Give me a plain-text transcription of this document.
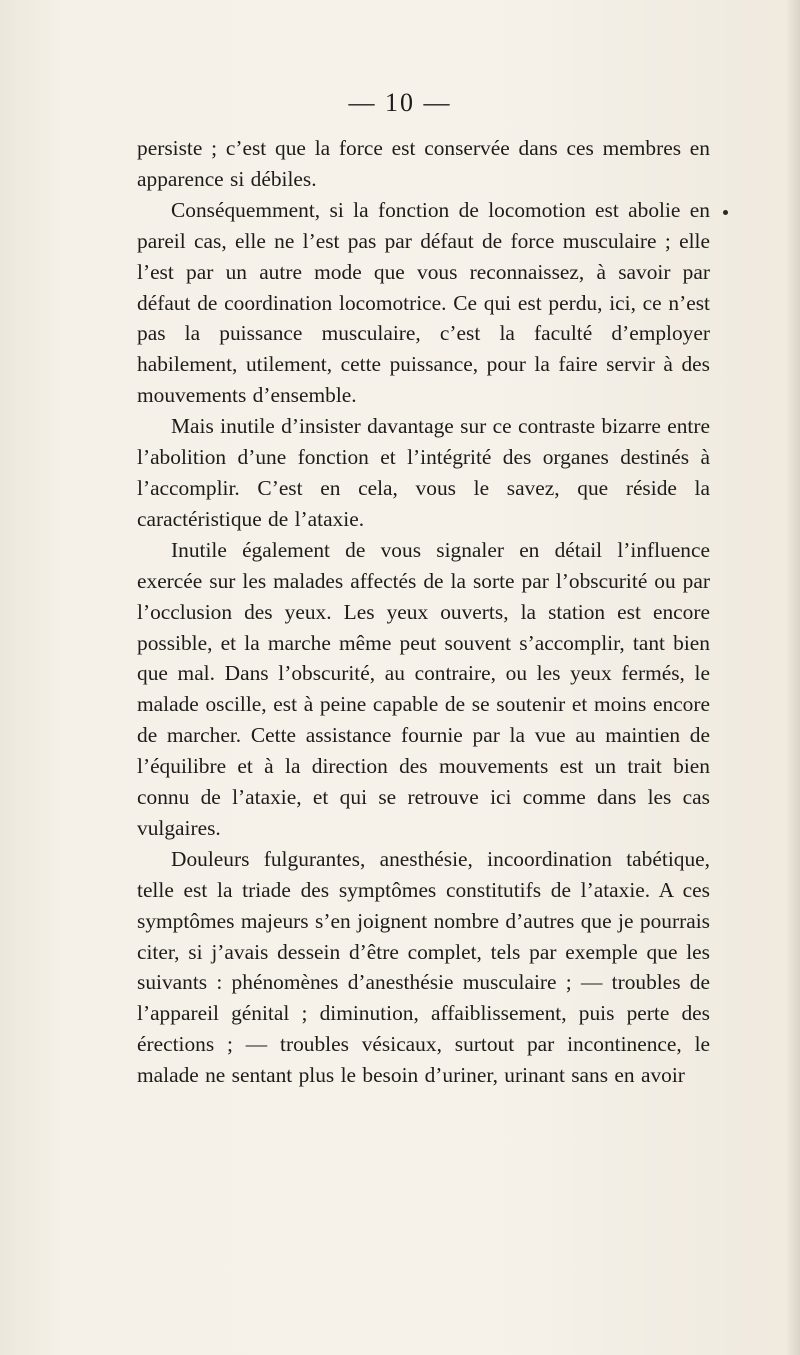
— 10 —

persiste ; c’est que la force est conservée dans ces membres en apparence si débiles.

Conséquemment, si la fonction de locomotion est abolie en pareil cas, elle ne l’est pas par défaut de force musculaire ; elle l’est par un autre mode que vous reconnaissez, à savoir par défaut de coordination locomotrice. Ce qui est perdu, ici, ce n’est pas la puissance musculaire, c’est la faculté d’employer habilement, utilement, cette puissance, pour la faire servir à des mouvements d’ensemble.

Mais inutile d’insister davantage sur ce contraste bizarre entre l’abolition d’une fonction et l’intégrité des organes destinés à l’accomplir. C’est en cela, vous le savez, que réside la caractéristique de l’ataxie.

Inutile également de vous signaler en détail l’influence exercée sur les malades affectés de la sorte par l’obscurité ou par l’occlusion des yeux. Les yeux ouverts, la station est encore possible, et la marche même peut souvent s’accomplir, tant bien que mal. Dans l’obscurité, au contraire, ou les yeux fermés, le malade oscille, est à peine capable de se soutenir et moins encore de marcher. Cette assistance fournie par la vue au maintien de l’équilibre et à la direction des mouvements est un trait bien connu de l’ataxie, et qui se retrouve ici comme dans les cas vulgaires.

Douleurs fulgurantes, anesthésie, incoordination tabétique, telle est la triade des symptômes constitutifs de l’ataxie. A ces symptômes majeurs s’en joignent nombre d’autres que je pourrais citer, si j’avais dessein d’être complet, tels par exemple que les suivants : phénomènes d’anesthésie musculaire ; — troubles de l’appareil génital ; diminution, affaiblissement, puis perte des érections ; — troubles vésicaux, surtout par incontinence, le malade ne sentant plus le besoin d’uriner, urinant sans en avoir
